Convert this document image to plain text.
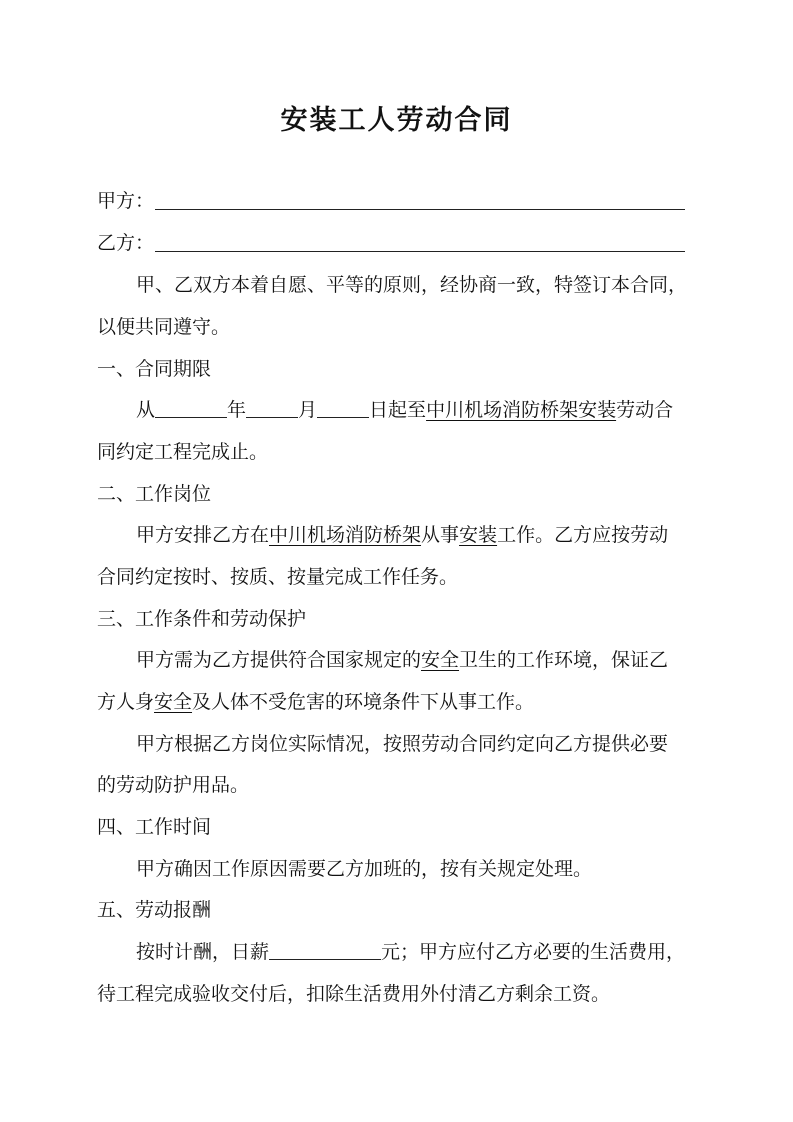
安装工人劳动合同
甲方：
乙方：
甲、乙双方本着自愿、平等的原则，经协商一致，特签订本合同，
以便共同遵守。
一、合同期限
从	年	月	日起至中川机场消防桥架安装劳动合
同约定工程完成止。
二、工作岗位
甲方安排乙方在中川机场消防桥架从事安装工作。乙方应按劳动
合同约定按时、按质、按量完成工作任务。
三、工作条件和劳动保护
甲方需为乙方提供符合国家规定的安全卫生的工作环境，保证乙
方人身安全及人体不受危害的环境条件下从事工作。
甲方根据乙方岗位实际情况，按照劳动合同约定向乙方提供必要
的劳动防护用品。
四、工作时间
甲方确因工作原因需要乙方加班的，按有关规定处理。
五、劳动报酬
按时计酬，日薪	元；甲方应付乙方必要的生活费用，
待工程完成验收交付后，扣除生活费用外付清乙方剩余工资。
